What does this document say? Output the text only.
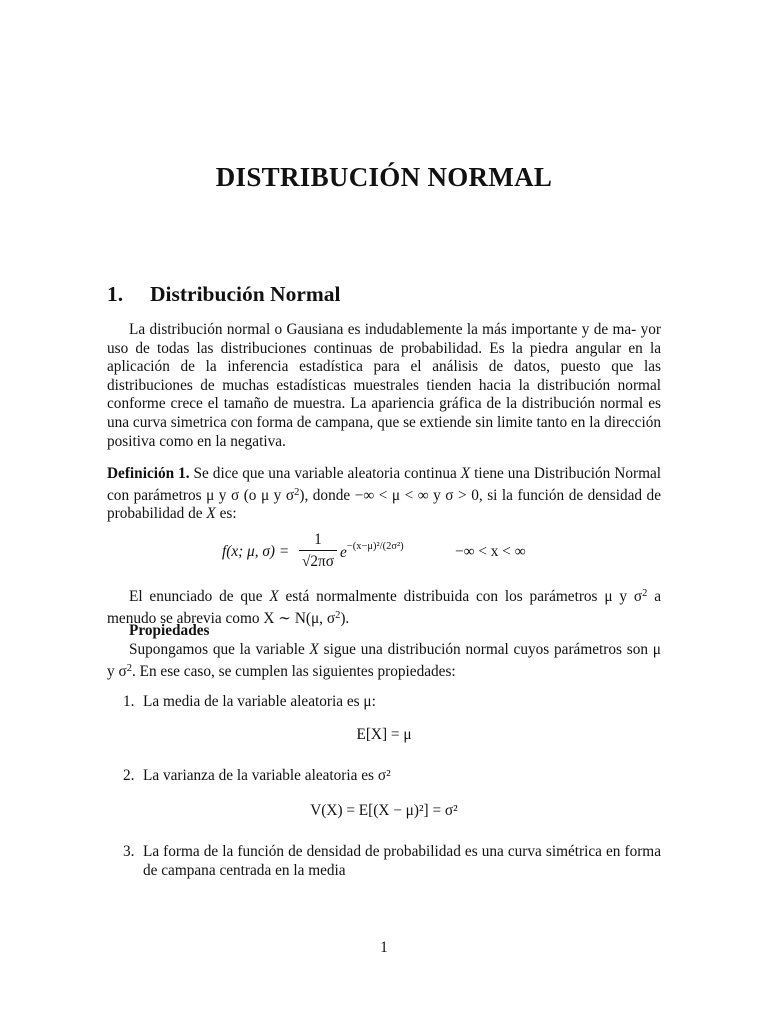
DISTRIBUCIÓN NORMAL
1. Distribución Normal
La distribución normal o Gausiana es indudablemente la más importante y de ma- yor uso de todas las distribuciones continuas de probabilidad. Es la piedra angular en la aplicación de la inferencia estadística para el análisis de datos, puesto que las distribuciones de muchas estadísticas muestrales tienden hacia la distribución normal conforme crece el tamaño de muestra. La apariencia gráfica de la distribución normal es una curva simetrica con forma de campana, que se extiende sin limite tanto en la dirección positiva como en la negativa.
Definición 1. Se dice que una variable aleatoria continua X tiene una Distribución Normal con parámetros μ y σ (o μ y $\sigma^2$), donde −∞ < μ < ∞ y σ > 0, si la función de densidad de probabilidad de X es:
f(x; μ, $\sigma) = \frac{1}{√2\pi\sigma} e^{-(x-\mu)^2/(2\sigma^2)}$	−∞ < x < ∞
El enunciado de que X está normalmente distribuida con los parámetros μ y $\sigma^2$ a menudo se abrevia como X ∼ N(μ, $\sigma^2$).
Propiedades
Supongamos que la variable X sigue una distribución normal cuyos parámetros son μ y $\sigma^2$. En ese caso, se cumplen las siguientes propiedades:
1. La media de la variable aleatoria es μ:
E[X] = μ
2. La varianza de la variable aleatoria es σ²
V(X) = E[(X − μ)²] = σ²
3. La forma de la función de densidad de probabilidad es una curva simétrica en forma de campana centrada en la media
1
